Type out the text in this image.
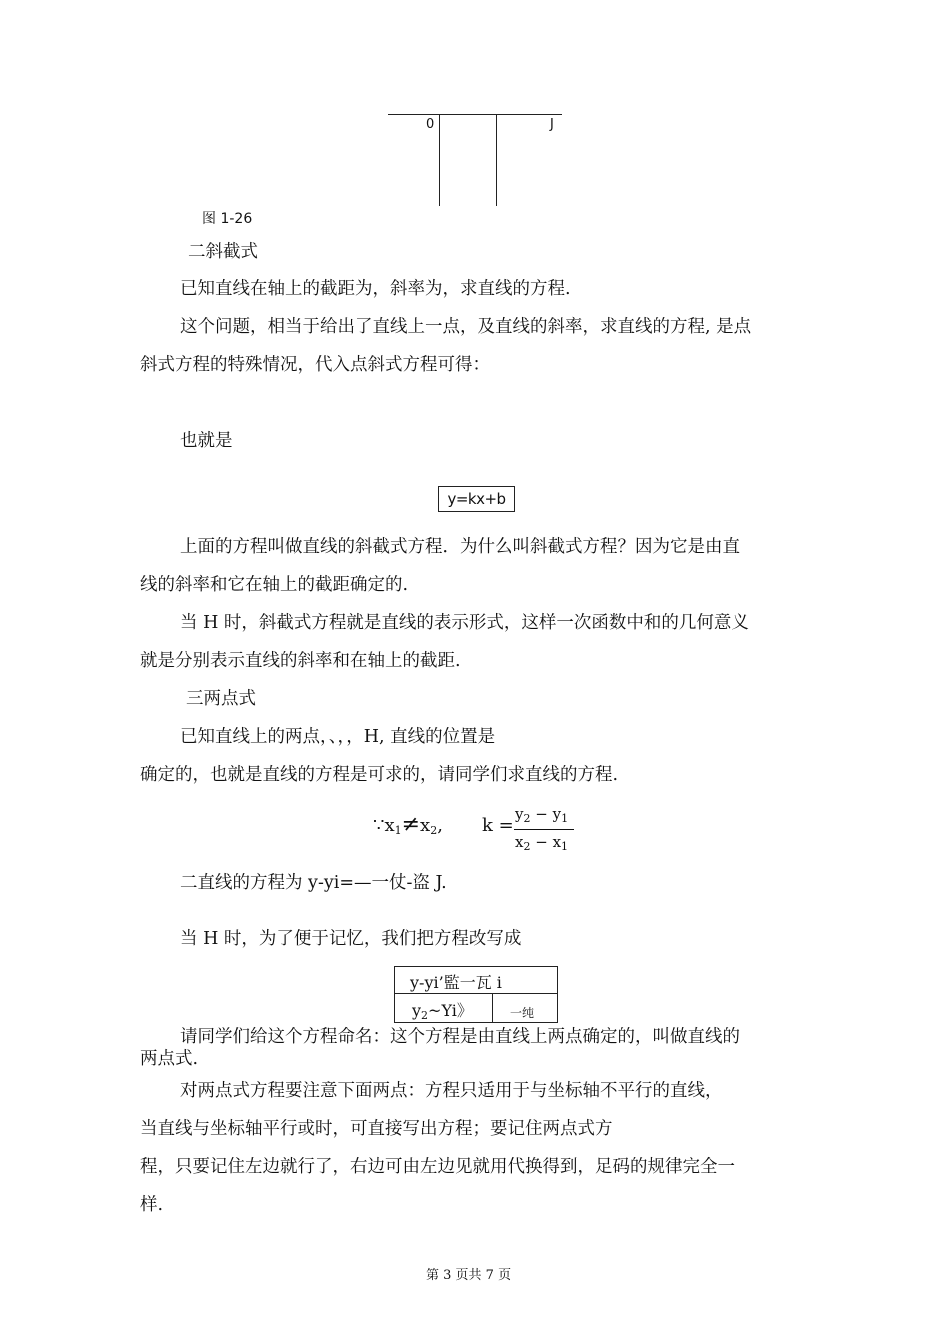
0	J
图 1-26
二斜截式
已知直线在轴上的截距为，斜率为，求直线的方程.
这个问题，相当于给出了直线上一点，及直线的斜率，求直线的方程, 是点
斜式方程的特殊情况，代入点斜式方程可得：
也就是
y=kx+b
上面的方程叫做直线的斜截式方程．为什么叫斜截式方程？因为它是由直
线的斜率和它在轴上的截距确定的.
当 H 时，斜截式方程就是直线的表示形式，这样一次函数中和的几何意义
就是分别表示直线的斜率和在轴上的截距.
三两点式
已知直线上的两点，、，，H, 直线的位置是
确定的，也就是直线的方程是可求的，请同学们求直线的方程.
$\because x_1\ne x_2$, k =
$y_2 - y_1$
$x_2 - x_1$
二直线的方程为 y-yi=—一仗-盗 J.
当 H 时，为了便于记忆，我们把方程改写成
y-yi’監一瓦 i
$y_2\sim Yi$》	一纯
请同学们给这个方程命名：这个方程是由直线上两点确定的，叫做直线的
两点式.
对两点式方程要注意下面两点：方程只适用于与坐标轴不平行的直线，
当直线与坐标轴平行或时，可直接写出方程；要记住两点式方
程，只要记住左边就行了，右边可由左边见就用代换得到，足码的规律完全一
样.
第 3 页共 7 页
